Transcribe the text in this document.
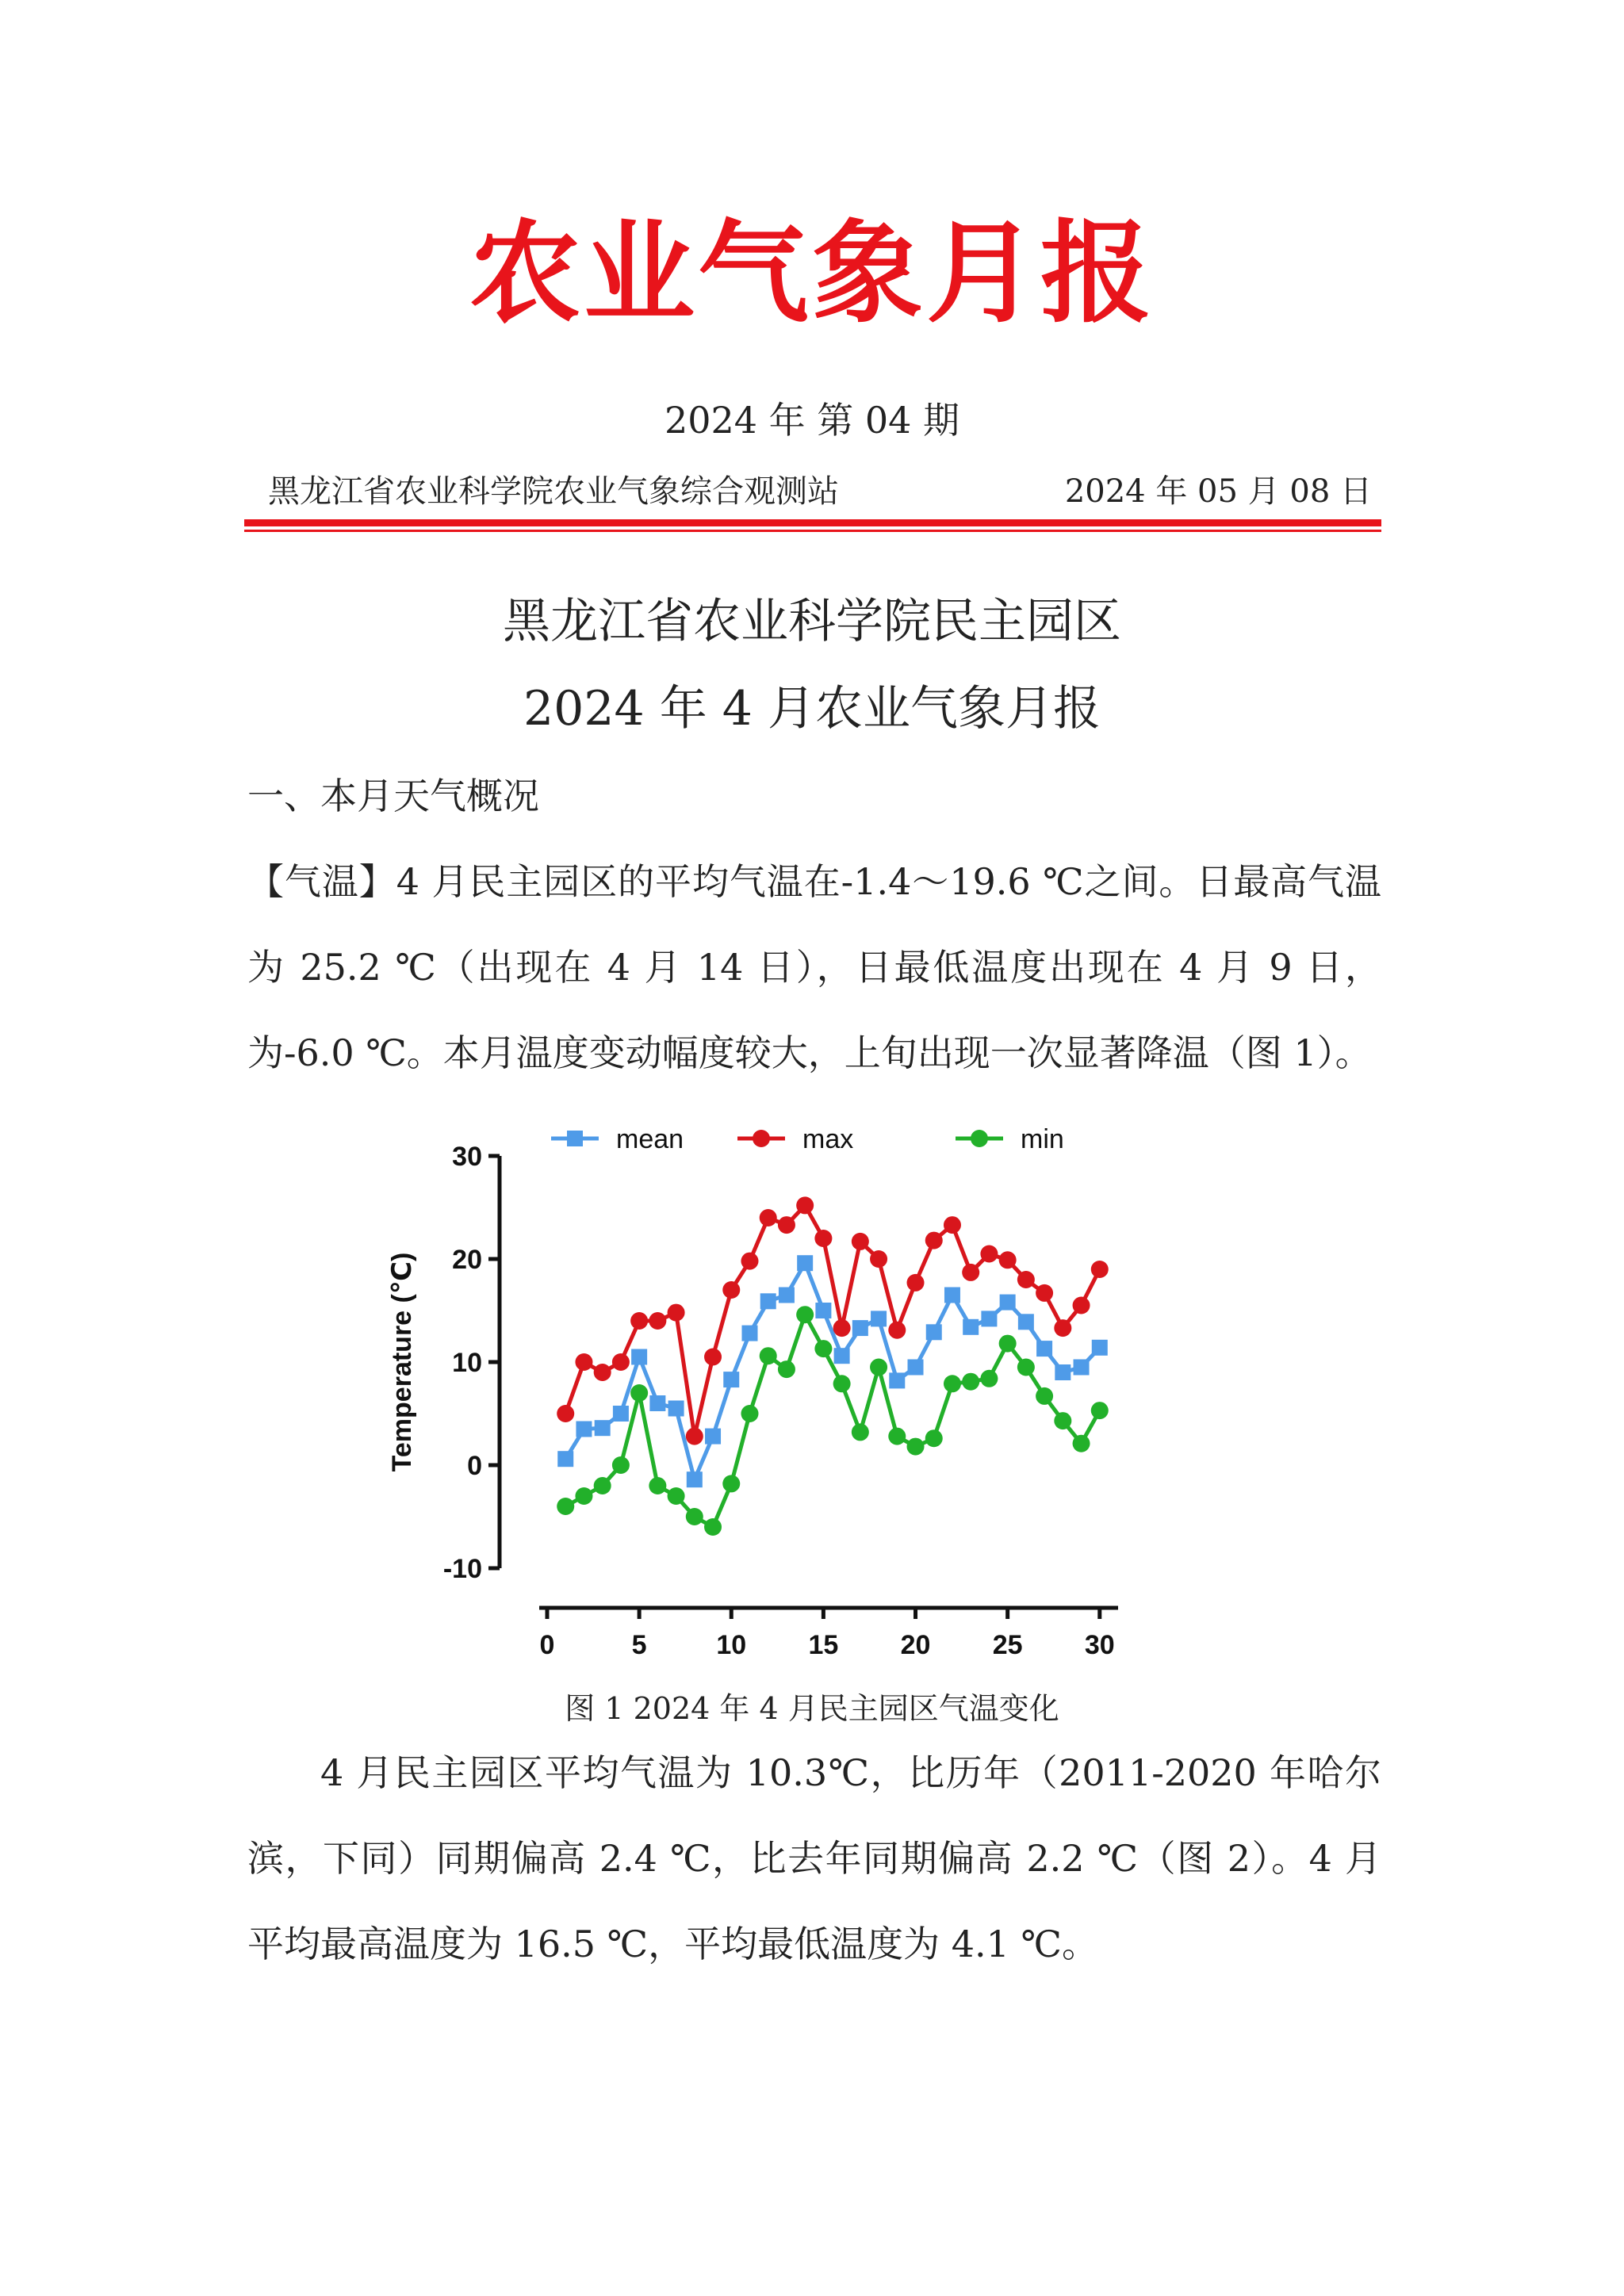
农业气象月报
2024 年 第 04 期
黑龙江省农业科学院农业气象综合观测站	2024 年 05 月 08 日
黑龙江省农业科学院民主园区
2024 年 4 月农业气象月报
一、本月天气概况
【气温】4 月民主园区的平均气温在-1.4～19.6 ℃之间。日最高气温为 25.2 ℃（出现在 4 月 14 日），日最低温度出现在 4 月 9 日，为-6.0 ℃。本月温度变动幅度较大，上旬出现一次显著降温（图 1）。
-10
0
10
20
30
0	5	10 15 20 25 30
Temperature (℃)
mean	max	min
图 1 2024 年 4 月民主园区气温变化
4 月民主园区平均气温为 10.3℃，比历年（2011-2020 年哈尔滨，下同）同期偏高 2.4 ℃，比去年同期偏高 2.2 ℃（图 2）。4 月平均最高温度为 16.5 ℃，平均最低温度为 4.1 ℃。
